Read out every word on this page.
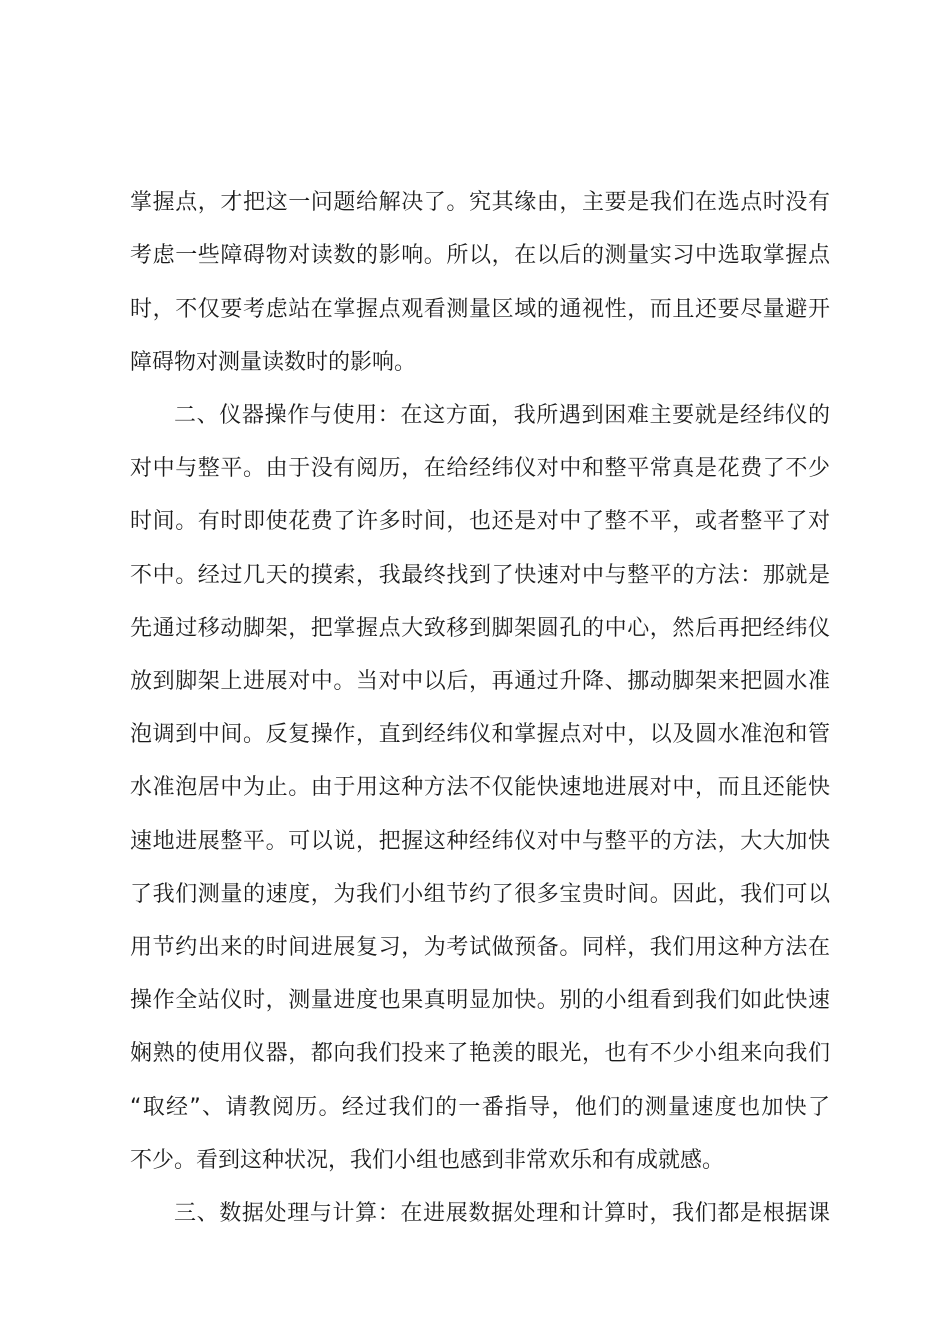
掌握点，才把这一问题给解决了。究其缘由，主要是我们在选点时没有
考虑一些障碍物对读数的影响。所以，在以后的测量实习中选取掌握点
时，不仅要考虑站在掌握点观看测量区域的通视性，而且还要尽量避开
障碍物对测量读数时的影响。
二、仪器操作与使用：在这方面，我所遇到困难主要就是经纬仪的
对中与整平。由于没有阅历，在给经纬仪对中和整平常真是花费了不少
时间。有时即使花费了许多时间，也还是对中了整不平，或者整平了对
不中。经过几天的摸索，我最终找到了快速对中与整平的方法：那就是
先通过移动脚架，把掌握点大致移到脚架圆孔的中心，然后再把经纬仪
放到脚架上进展对中。当对中以后，再通过升降、挪动脚架来把圆水准
泡调到中间。反复操作，直到经纬仪和掌握点对中，以及圆水准泡和管
水准泡居中为止。由于用这种方法不仅能快速地进展对中，而且还能快
速地进展整平。可以说，把握这种经纬仪对中与整平的方法，大大加快
了我们测量的速度，为我们小组节约了很多宝贵时间。因此，我们可以
用节约出来的时间进展复习，为考试做预备。同样，我们用这种方法在
操作全站仪时，测量进度也果真明显加快。别的小组看到我们如此快速
娴熟的使用仪器，都向我们投来了艳羡的眼光，也有不少小组来向我们
“取经”、请教阅历。经过我们的一番指导，他们的测量速度也加快了
不少。看到这种状况，我们小组也感到非常欢乐和有成就感。
三、数据处理与计算：在进展数据处理和计算时，我们都是根据课
